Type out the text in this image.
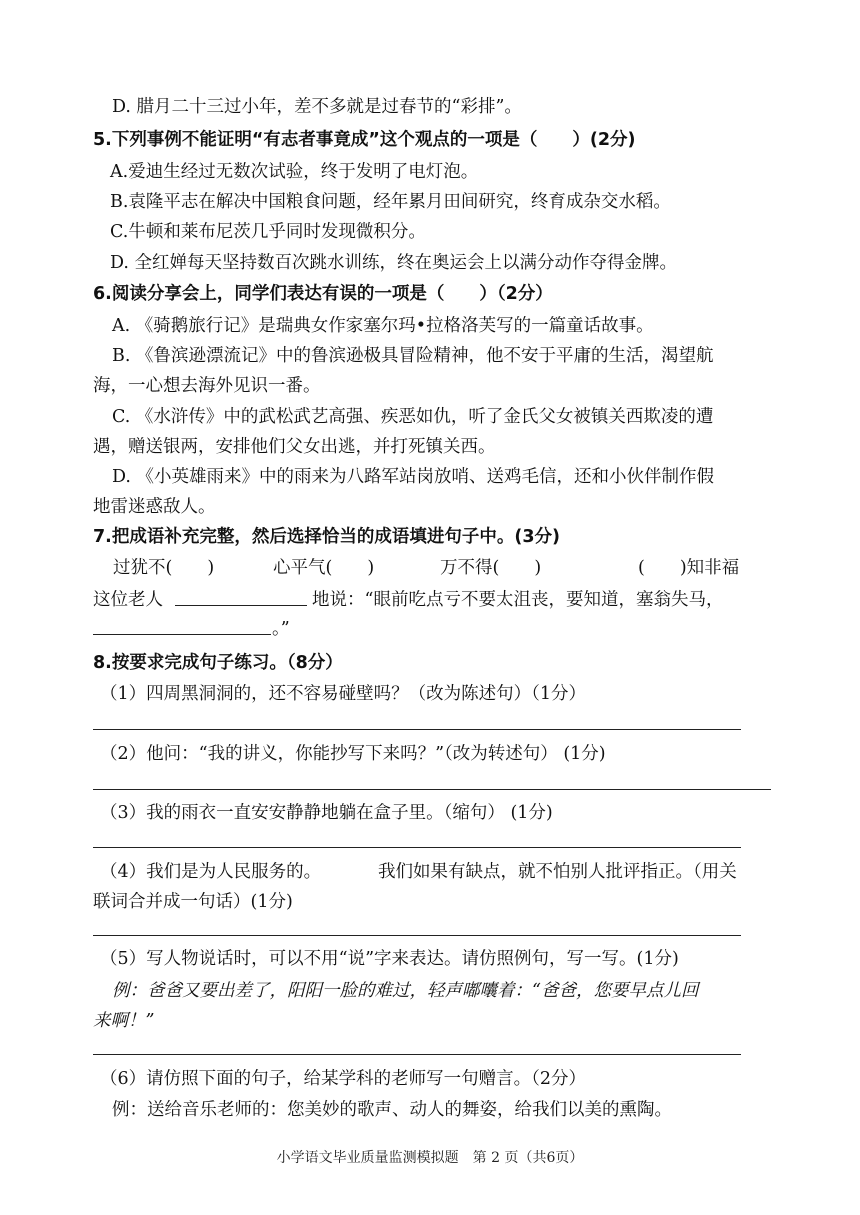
D. 腊月二十三过小年，差不多就是过春节的“彩排”。
5.下列事例不能证明“有志者事竟成”这个观点的一项是（　　）(2分)
A.爱迪生经过无数次试验，终于发明了电灯泡。
B.袁隆平志在解决中国粮食问题，经年累月田间研究，终育成杂交水稻。
C.牛顿和莱布尼茨几乎同时发现微积分。
D. 全红婵每天坚持数百次跳水训练，终在奥运会上以满分动作夺得金牌。
6.阅读分享会上，同学们表达有误的一项是（　　）（2分）
A. 《骑鹅旅行记》是瑞典女作家塞尔玛•拉格洛芙写的一篇童话故事。
B. 《鲁滨逊漂流记》中的鲁滨逊极具冒险精神，他不安于平庸的生活，渴望航
海，一心想去海外见识一番。
C. 《水浒传》中的武松武艺高强、疾恶如仇，听了金氏父女被镇关西欺凌的遭
遇，赠送银两，安排他们父女出逃，并打死镇关西。
D. 《小英雄雨来》中的雨来为八路军站岗放哨、送鸡毛信，还和小伙伴制作假
地雷迷惑敌人。
7.把成语补充完整，然后选择恰当的成语填进句子中。(3分)
过犹不(　　)	心平气(　　)	万不得(　　)	(　　)知非福
这位老人	地说：“眼前吃点亏不要太沮丧，要知道，塞翁失马，
。”
8.按要求完成句子练习。（8分）
（1）四周黑洞洞的，还不容易碰壁吗？（改为陈述句）（1分）
（2）他问：“我的讲义，你能抄写下来吗？”（改为转述句） (1分)
（3）我的雨衣一直安安静静地躺在盒子里。（缩句） (1分)
（4）我们是为人民服务的。	我们如果有缺点，就不怕别人批评指正。（用关
联词合并成一句话）(1分)
（5）写人物说话时，可以不用“说”字来表达。请仿照例句，写一写。(1分)
例：爸爸又要出差了，阳阳一脸的难过，轻声嘟囔着：“爸爸，您要早点儿回
来啊！”
（6）请仿照下面的句子，给某学科的老师写一句赠言。（2分）
例：送给音乐老师的：您美妙的歌声、动人的舞姿，给我们以美的熏陶。
小学语文毕业质量监测模拟题　第 2 页（共6页）
